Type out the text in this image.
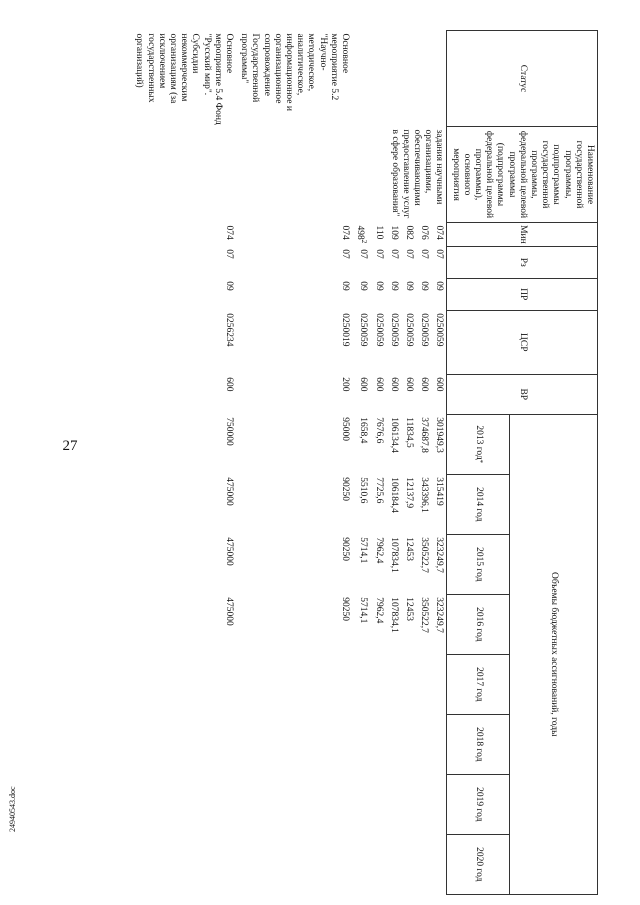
27
24940543.doc
Статус	Наименование государственной программы, подпрограммы государственной программы, федеральной целевой программы (подпрограммы федеральной целевой программы), основного мероприятия	Мин	Рз	ПР	ЦСР	ВР	Объемы бюджетных ассигнований, годы							
							2013 год*	2014 год	2015 год	2016 год	2017 год	2018 год	2019 год	2020 год
	задания научными организациями, обеспечивающими предоставление услуг в сфере образования"	074	07	09	0250059	600	301949,3	315419	323249,7	323249,7				
		076	07	09	0250059	600	374687,8	343396,1	350522,7	350522,7				
		082	07	09	0250059	600	11834,5	12137,9	12453	12453				
		109	07	09	0250059	600	106134,4	106184,4	107834,1	107834,1				
		110	07	09	0250059	600	7676,6	7725,6	7962,4	7962,4				
		$498^2$	07	09	0250059	600	1658,4	5510,6	5714,1	5714,1				
Основное мероприятие 5.2 "Научно-методическое, аналитическое, информационное и организационное сопровождение Государственной программы"		074	07	09	0250019	200	95000	90250	90250	90250				
Основное мероприятие 5.4 Фонд "Русский мир". Субсидии некоммерческим организациям (за исключением государственных организаций)		074	07	09	0256234	600	750000	475000	475000	475000				
